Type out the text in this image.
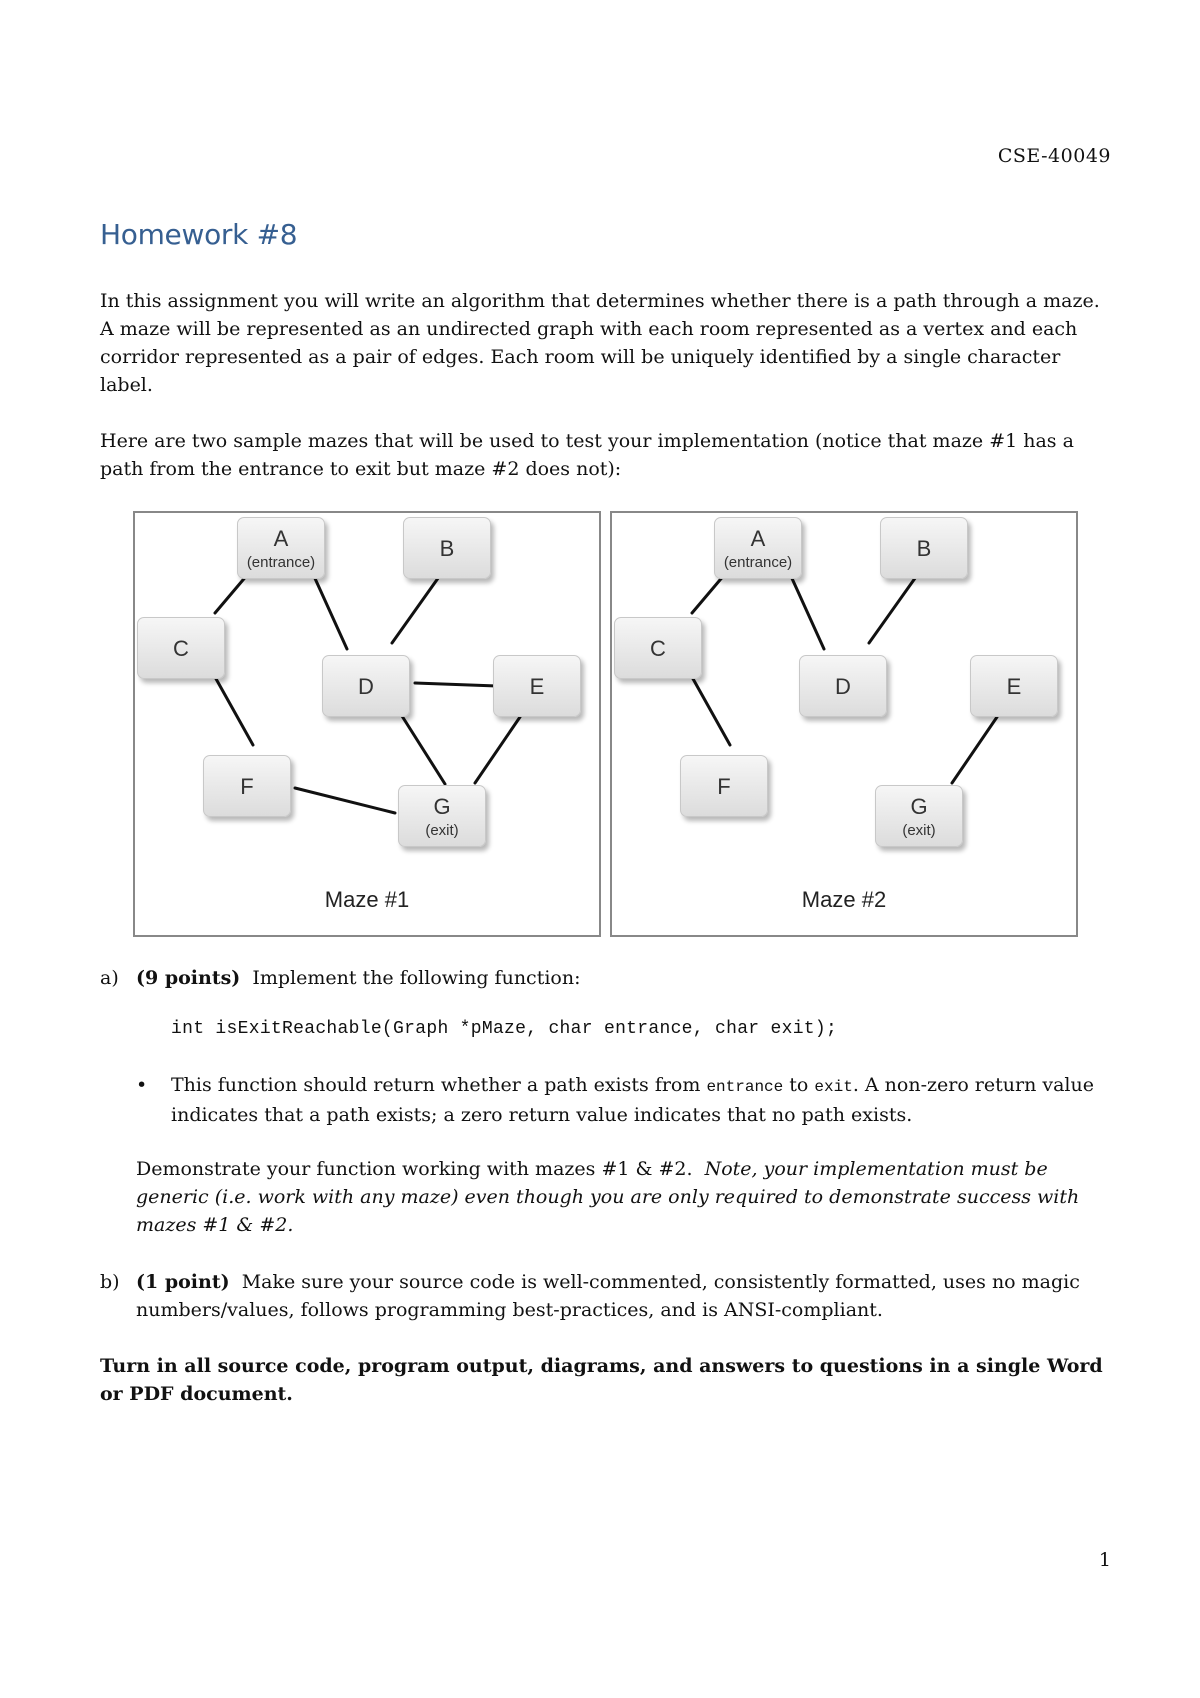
CSE-40049
Homework #8
In this assignment you will write an algorithm that determines whether there is a path through a maze. A maze will be represented as an undirected graph with each room represented as a vertex and each corridor represented as a pair of edges. Each room will be uniquely identified by a single character label.
Here are two sample mazes that will be used to test your implementation (notice that maze #1 has a path from the entrance to exit but maze #2 does not):
A
(entrance)
B
C
D	E
F
G
(exit)
Maze #1
A
(entrance)
B
C
D	E
F
G
(exit)
Maze #2
a) (9 points) Implement the following function:
int isExitReachable(Graph *pMaze, char entrance, char exit);
• This function should return whether a path exists from entrance to exit. A non-zero return value indicates that a path exists; a zero return value indicates that no path exists.
Demonstrate your function working with mazes #1 & #2. Note, your implementation must be generic (i.e. work with any maze) even though you are only required to demonstrate success with mazes #1 & #2.
b) (1 point) Make sure your source code is well-commented, consistently formatted, uses no magic numbers/values, follows programming best-practices, and is ANSI-compliant.
Turn in all source code, program output, diagrams, and answers to questions in a single Word or PDF document.
1
